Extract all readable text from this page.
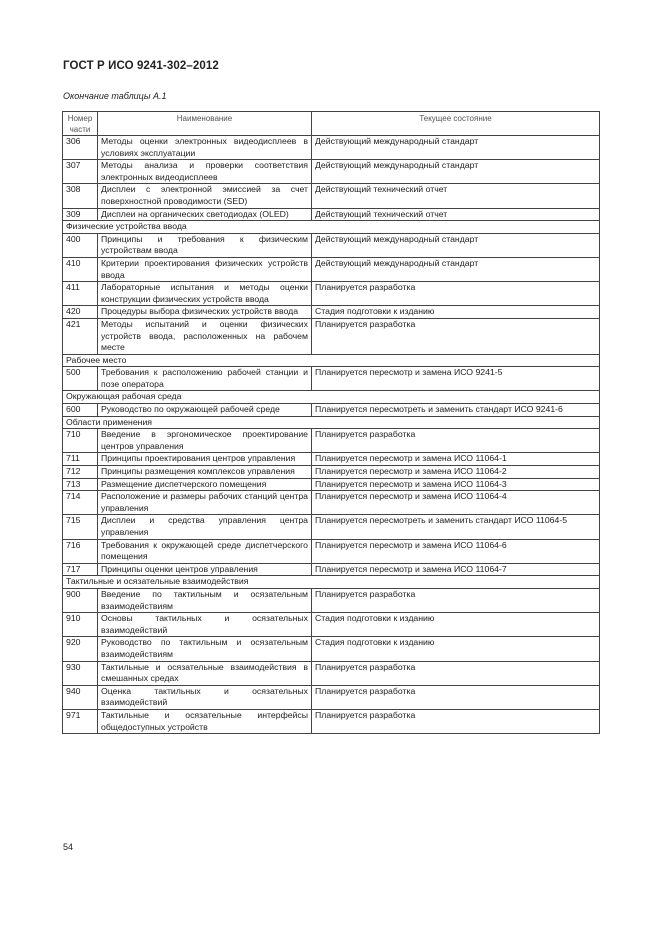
ГОСТ Р ИСО 9241-302–2012
Окончание таблицы А.1
Номер части	Наименование	Текущее состояние
306	Методы оценки электронных видеодисплеев в условиях эксплуатации	Действующий международный стандарт
307	Методы анализа и проверки соответствия электронных видеодисплеев	Действующий международный стандарт
308	Дисплеи с электронной эмиссией за счет поверхностной проводимости (SED)	Действующий технический отчет
309	Дисплеи на органических светодиодах (OLED)	Действующий технический отчет
Физические устройства ввода		
400	Принципы и требования к физическим устройствам ввода	Действующий международный стандарт
410	Критерии проектирования физических устройств ввода	Действующий международный стандарт
411	Лабораторные испытания и методы оценки конструкции физических устройств ввода	Планируется разработка
420	Процедуры выбора физических устройств ввода	Стадия подготовки к изданию
421	Методы испытаний и оценки физических устройств ввода, расположенных на рабочем месте	Планируется разработка
Рабочее место		
500	Требования к расположению рабочей станции и позе оператора	Планируется пересмотр и замена ИСО 9241-5
Окружающая рабочая среда		
600	Руководство по окружающей рабочей среде	Планируется пересмотреть и заменить стандарт ИСО 9241-6
Области применения		
710	Введение в эргономическое проектирование центров управления	Планируется разработка
711	Принципы проектирования центров управления	Планируется пересмотр и замена ИСО 11064-1
712	Принципы размещения комплексов управления	Планируется пересмотр и замена ИСО 11064-2
713	Размещение диспетчерского помещения	Планируется пересмотр и замена ИСО 11064-3
714	Расположение и размеры рабочих станций центра управления	Планируется пересмотр и замена ИСО 11064-4
715	Дисплеи и средства управления центра управления	Планируется пересмотреть и заменить стандарт ИСО 11064-5
716	Требования к окружающей среде диспетчерского помещения	Планируется пересмотр и замена ИСО 11064-6
717	Принципы оценки центров управления	Планируется пересмотр и замена ИСО 11064-7
Тактильные и осязательные взаимодействия		
900	Введение по тактильным и осязательным взаимодействиям	Планируется разработка
910	Основы тактильных и осязательных взаимодействий	Стадия подготовки к изданию
920	Руководство по тактильным и осязательным взаимодействиям	Стадия подготовки к изданию
930	Тактильные и осязательные взаимодействия в смешанных средах	Планируется разработка
940	Оценка тактильных и осязательных взаимодействий	Планируется разработка
971	Тактильные и осязательные интерфейсы общедоступных устройств	Планируется разработка
54
